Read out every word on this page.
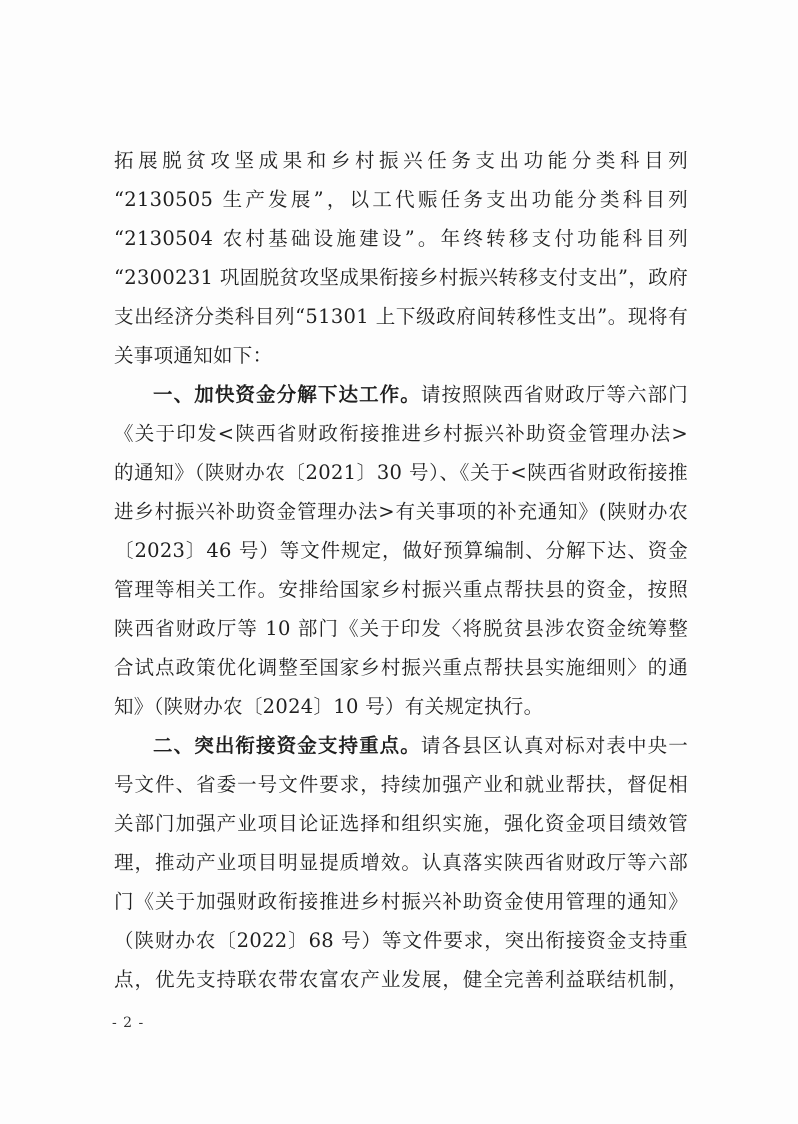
拓展脱贫攻坚成果和乡村振兴任务支出功能分类科目列
“2130505 生产发展”，以工代赈任务支出功能分类科目列
“2130504 农村基础设施建设”。年终转移支付功能科目列
“2300231 巩固脱贫攻坚成果衔接乡村振兴转移支付支出”，政府
支出经济分类科目列“51301 上下级政府间转移性支出”。现将有
关事项通知如下：
一、加快资金分解下达工作。请按照陕西省财政厅等六部门
《关于印发<陕西省财政衔接推进乡村振兴补助资金管理办法>
的通知》（陕财办农〔2021〕30 号）、《关于<陕西省财政衔接推
进乡村振兴补助资金管理办法>有关事项的补充通知》(陕财办农
〔2023〕46 号）等文件规定，做好预算编制、分解下达、资金
管理等相关工作。安排给国家乡村振兴重点帮扶县的资金，按照
陕西省财政厅等 10 部门《关于印发〈将脱贫县涉农资金统筹整
合试点政策优化调整至国家乡村振兴重点帮扶县实施细则〉的通
知》（陕财办农〔2024〕10 号）有关规定执行。
二、突出衔接资金支持重点。请各县区认真对标对表中央一
号文件、省委一号文件要求，持续加强产业和就业帮扶，督促相
关部门加强产业项目论证选择和组织实施，强化资金项目绩效管
理，推动产业项目明显提质增效。认真落实陕西省财政厅等六部
门《关于加强财政衔接推进乡村振兴补助资金使用管理的通知》
（陕财办农〔2022〕68 号）等文件要求，突出衔接资金支持重
点，优先支持联农带农富农产业发展，健全完善利益联结机制，
- 2 -
